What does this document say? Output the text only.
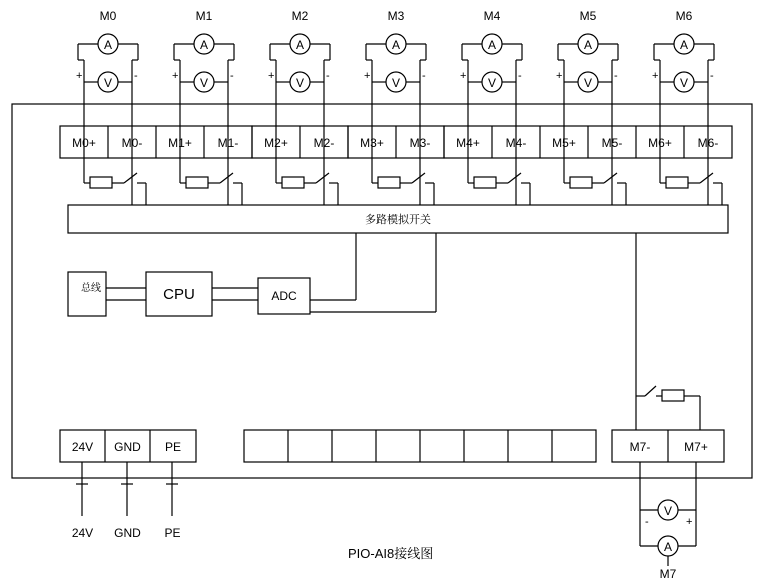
M0	M1	M2	M3	M4	M5	M6
A	A	A	A	A	A	A
V	V	V	V	V	V	V
+	-	+	-	+	-	+	-	+	-	+	-	+	-
M0+	M0-	M1+	M1-	M2+	M2-	M3+	M3-	M4+	M4-	M5+	M5-	M6+	M6-
多路模拟开关
总线	CPU	ADC
24V	GND	PE	M7-	M7+
24V	GND	PE
V
A
-	+
M7
PIO-AI8接线图
